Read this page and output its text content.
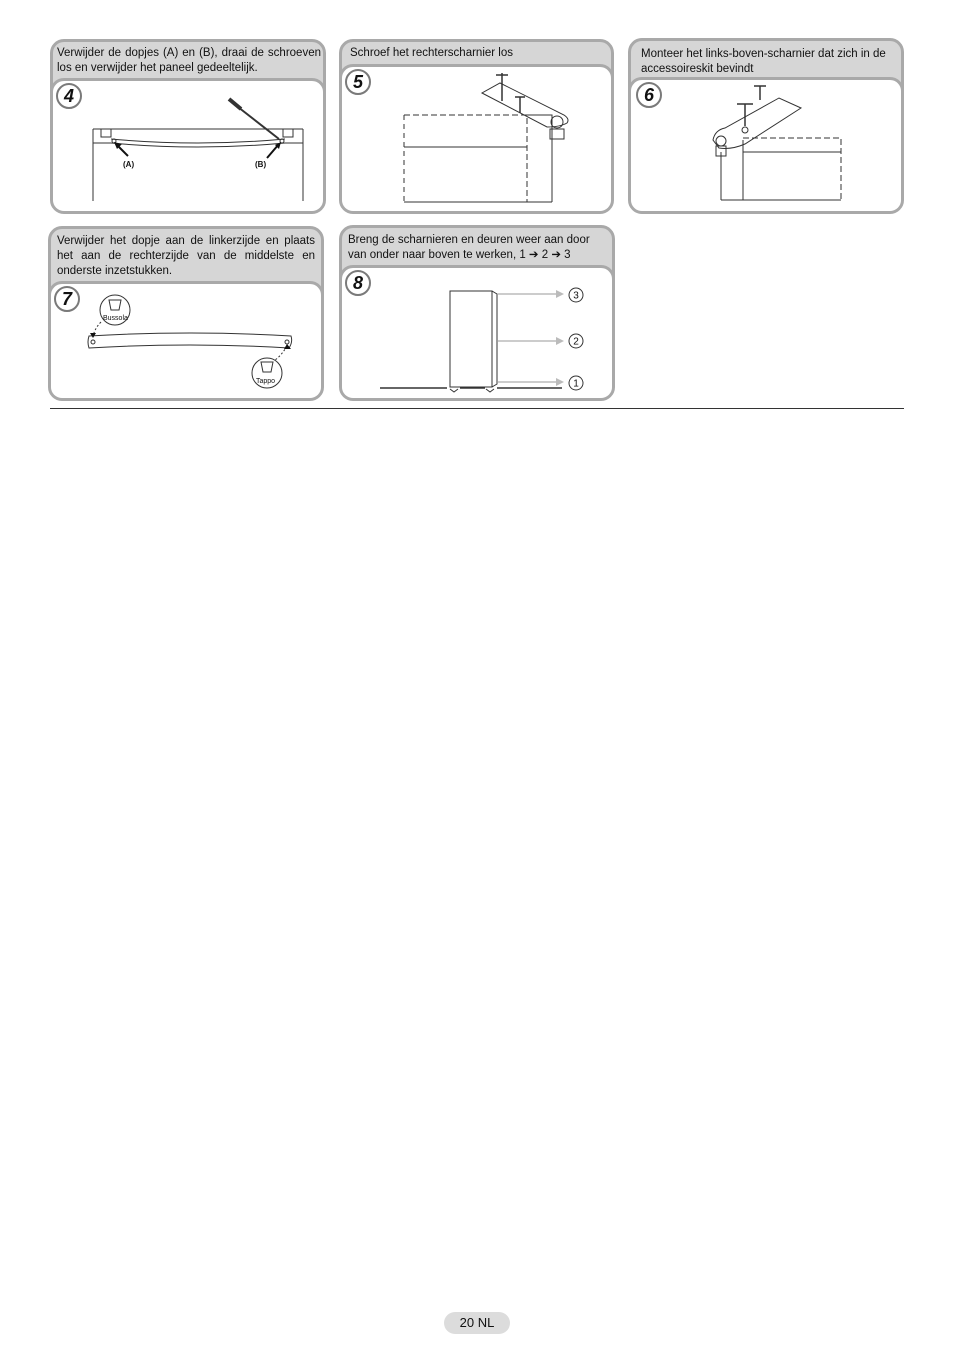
Verwijder de dopjes (A) en (B), draai de schroeven los en verwijder het paneel gedeeltelijk.
(A)	(B)
4
Schroef het rechterscharnier los
5
Monteer het links-boven-scharnier dat zich in de accessoireskit bevindt
6
Verwijder het dopje aan de linkerzijde en plaats het aan de rechterzijde van de middelste en onderste inzetstukken.
Bussola
Tappo
7
Breng de scharnieren en deuren weer aan door van onder naar boven te werken, 1 ➔ 2 ➔ 3
3
2
1
8
20 NL
